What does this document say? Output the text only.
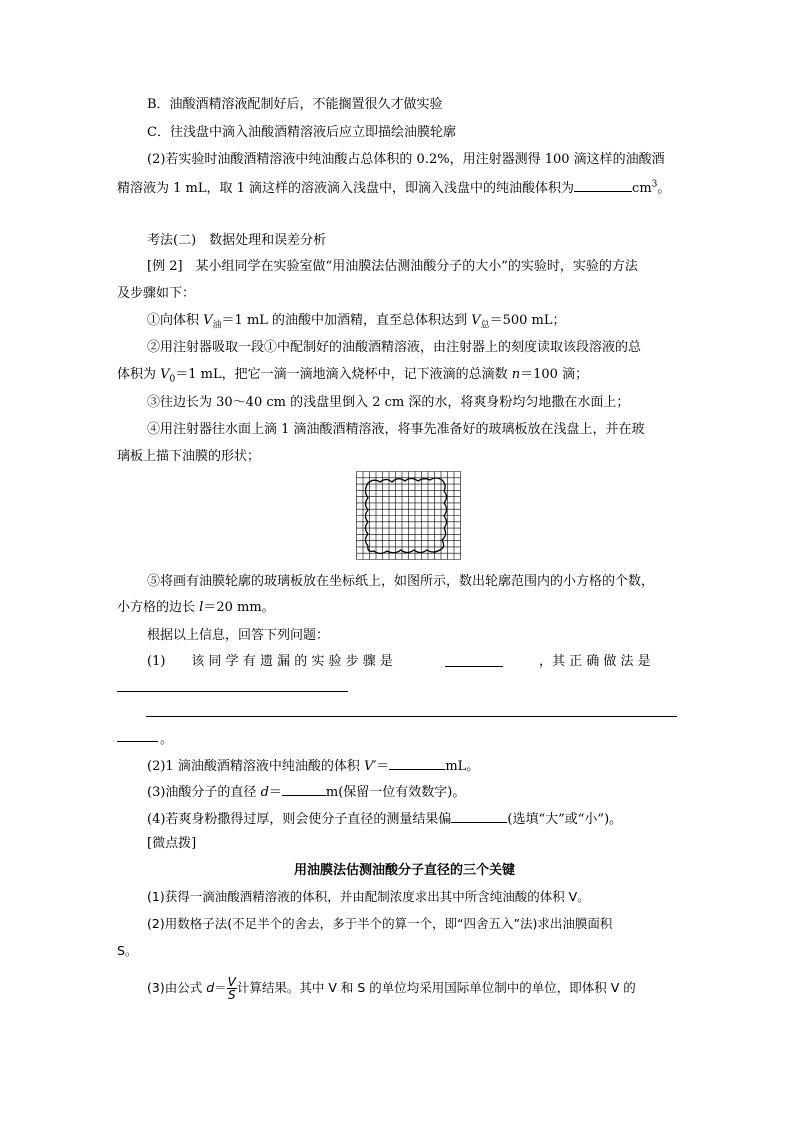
B．油酸酒精溶液配制好后，不能搁置很久才做实验
C．往浅盘中滴入油酸酒精溶液后应立即描绘油膜轮廓
(2)若实验时油酸酒精溶液中纯油酸占总体积的 0.2%，用注射器测得 100 滴这样的油酸酒
精溶液为 1 mL，取 1 滴这样的溶液滴入浅盘中，即滴入浅盘中的纯油酸体积为	$cm^3$。
考法(二)　数据处理和误差分析
[例 2]　某小组同学在实验室做“用油膜法估测油酸分子的大小”的实验时，实验的方法
及步骤如下：
①向体积 $V_油=1$ mL 的油酸中加酒精，直至总体积达到 $V_总=500$ mL；
②用注射器吸取一段①中配制好的油酸酒精溶液，由注射器上的刻度读取该段溶液的总
体积为 $V_0=1$ mL，把它一滴一滴地滴入烧杯中，记下液滴的总滴数 n＝100 滴；
③往边长为 30～40 cm 的浅盘里倒入 2 cm 深的水，将爽身粉均匀地撒在水面上；
④用注射器往水面上滴 1 滴油酸酒精溶液，将事先准备好的玻璃板放在浅盘上，并在玻
璃板上描下油膜的形状；
⑤将画有油膜轮廓的玻璃板放在坐标纸上，如图所示，数出轮廓范围内的小方格的个数，
小方格的边长 l＝20 mm。
根据以上信息，回答下列问题：
(1)　　该 同 学 有 遗 漏 的 实 验 步 骤 是	，其 正 确 做 法 是
。
(2)1 滴油酸酒精溶液中纯油酸的体积 V′＝	mL。
(3)油酸分子的直径 d＝	m(保留一位有效数字)。
(4)若爽身粉撒得过厚，则会使分子直径的测量结果偏	(选填“大”或“小”)。
[微点拨]
用油膜法估测油酸分子直径的三个关键
(1)获得一滴油酸酒精溶液的体积，并由配制浓度求出其中所含纯油酸的体积 V。
(2)用数格子法(不足半个的舍去，多于半个的算一个，即“四舍五入”法)求出油膜面积
S。
(3)由公式 $d= \frac{V}{S}$ 计算结果。其中 V 和 S 的单位均采用国际单位制中的单位，即体积 V 的
